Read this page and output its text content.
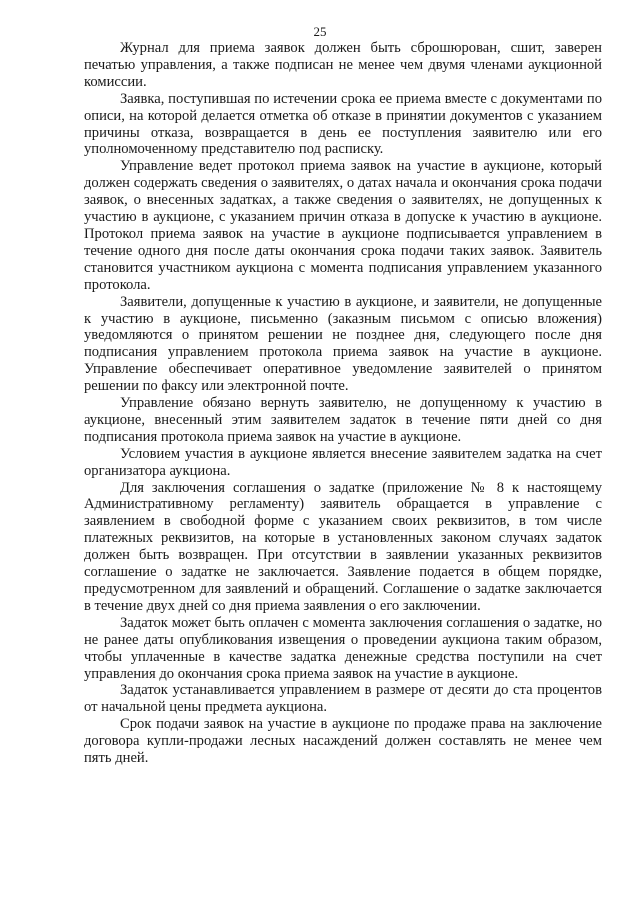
25

Журнал для приема заявок должен быть сброшюрован, сшит, заверен печатью управления, а также подписан не менее чем двумя членами аукционной комиссии.

Заявка, поступившая по истечении срока ее приема вместе с документами по описи, на которой делается отметка об отказе в принятии документов с указанием причины отказа, возвращается в день ее поступления заявителю или его уполномоченному представителю под расписку.

Управление ведет протокол приема заявок на участие в аукционе, который должен содержать сведения о заявителях, о датах начала и окончания срока подачи заявок, о внесенных задатках, а также сведения о заявителях, не допущенных к участию в аукционе, с указанием причин отказа в допуске к участию в аукционе. Протокол приема заявок на участие в аукционе подписывается управлением в течение одного дня после даты окончания срока подачи таких заявок. Заявитель становится участником аукциона с момента подписания управлением указанного протокола.

Заявители, допущенные к участию в аукционе, и заявители, не допущенные к участию в аукционе, письменно (заказным письмом с описью вложения) уведомляются о принятом решении не позднее дня, следующего после дня подписания управлением протокола приема заявок на участие в аукционе. Управление обеспечивает оперативное уведомление заявителей о принятом решении по факсу или электронной почте.

Управление обязано вернуть заявителю, не допущенному к участию в аукционе, внесенный этим заявителем задаток в течение пяти дней со дня подписания протокола приема заявок на участие в аукционе.

Условием участия в аукционе является внесение заявителем задатка на счет организатора аукциона.

Для заключения соглашения о задатке (приложение № 8 к настоящему Административному регламенту) заявитель обращается в управление с заявлением в свободной форме с указанием своих реквизитов, в том числе платежных реквизитов, на которые в установленных законом случаях задаток должен быть возвращен. При отсутствии в заявлении указанных реквизитов соглашение о задатке не заключается. Заявление подается в общем порядке, предусмотренном для заявлений и обращений. Соглашение о задатке заключается в течение двух дней со дня приема заявления о его заключении.

Задаток может быть оплачен с момента заключения соглашения о задатке, но не ранее даты опубликования извещения о проведении аукциона таким образом, чтобы уплаченные в качестве задатка денежные средства поступили на счет управления до окончания срока приема заявок на участие в аукционе.

Задаток устанавливается управлением в размере от десяти до ста процентов от начальной цены предмета аукциона.

Срок подачи заявок на участие в аукционе по продаже права на заключение договора купли-продажи лесных насаждений должен составлять не менее чем пять дней.
